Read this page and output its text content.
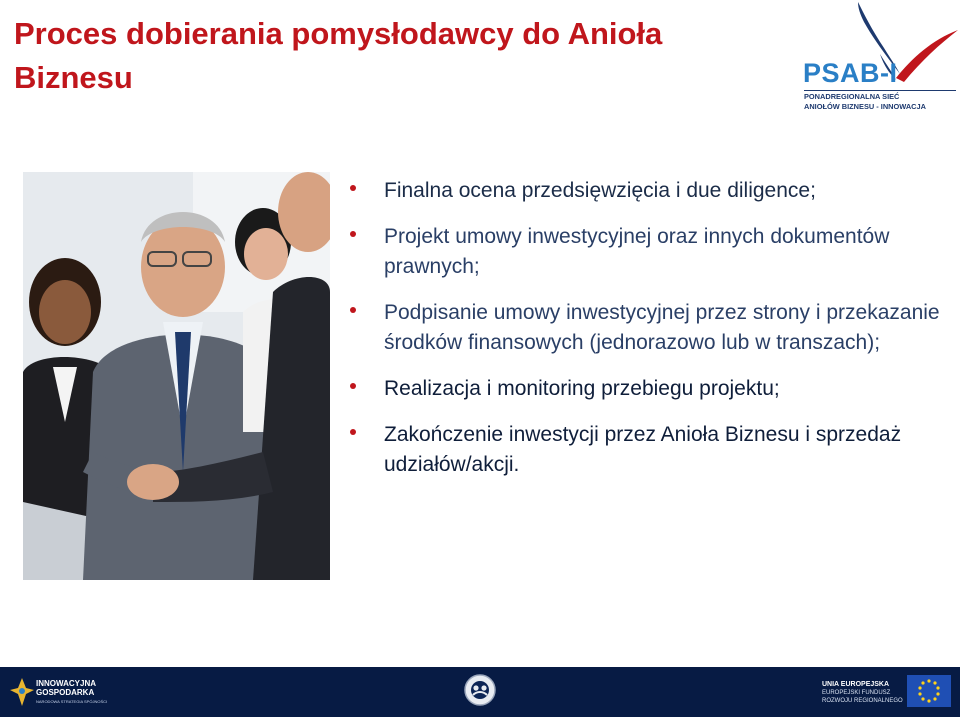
Proces dobierania pomysłodawcy do Anioła Biznesu	PSAB-I
PONADREGIONALNA SIEĆ
ANIOŁÓW BIZNESU - INNOWACJA
Finalna ocena przedsięwzięcia i due diligence;
Projekt umowy inwestycyjnej oraz innych dokumentów prawnych;
Podpisanie umowy inwestycyjnej przez strony i przekazanie środków finansowych (jednorazowo lub w transzach);
Realizacja i monitoring przebiegu projektu;
Zakończenie inwestycji przez Anioła Biznesu i sprzedaż udziałów/akcji.
INNOWACYJNA
GOSPODARKA
NARODOWA STRATEGIA SPÓJNOŚCI
UNIA EUROPEJSKA
EUROPEJSKI FUNDUSZ
ROZWOJU REGIONALNEGO
